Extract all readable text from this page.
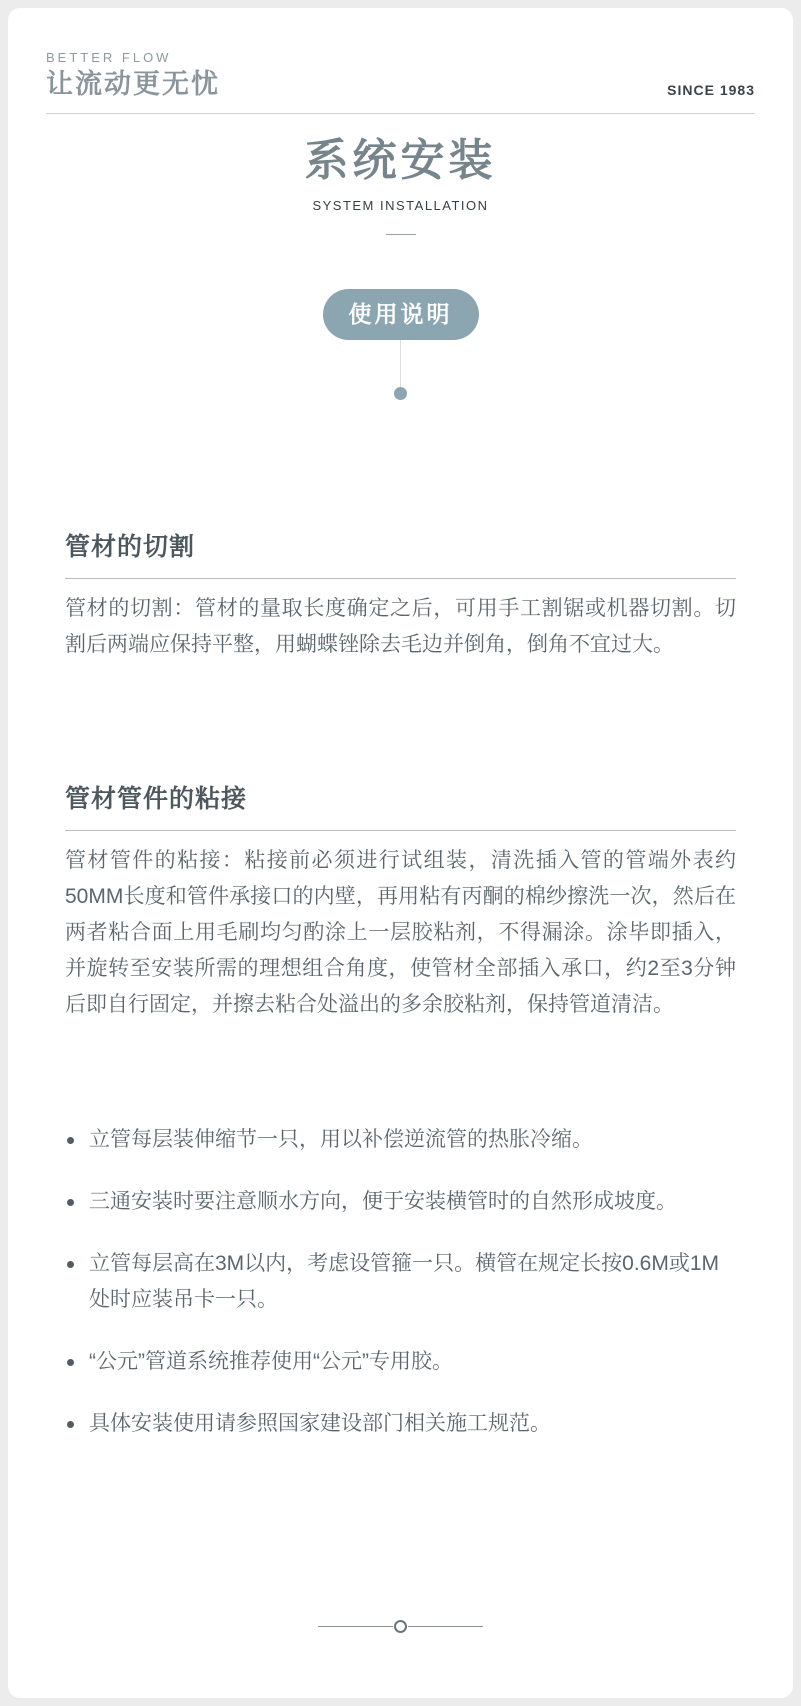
BETTER FLOW
让流动更无忧	SINCE 1983
系统安装
SYSTEM INSTALLATION
使用说明
管材的切割

管材的切割：管材的量取长度确定之后，可用手工割锯或机器切割。切割后两端应保持平整，用蝴蝶锉除去毛边并倒角，倒角不宜过大。

管材管件的粘接

管材管件的粘接：粘接前必须进行试组装，清洗插入管的管端外表约50MM长度和管件承接口的内壁，再用粘有丙酮的棉纱擦洗一次，然后在两者粘合面上用毛刷均匀酌涂上一层胶粘剂，不得漏涂。涂毕即插入，并旋转至安装所需的理想组合角度，使管材全部插入承口，约2至3分钟后即自行固定，并擦去粘合处溢出的多余胶粘剂，保持管道清洁。

立管每层装伸缩节一只，用以补偿逆流管的热胀冷缩。
三通安装时要注意顺水方向，便于安装横管时的自然形成坡度。
立管每层高在3M以内，考虑设管箍一只。横管在规定长按0.6M或1M处时应装吊卡一只。
“公元”管道系统推荐使用“公元”专用胶。
具体安装使用请参照国家建设部门相关施工规范。
